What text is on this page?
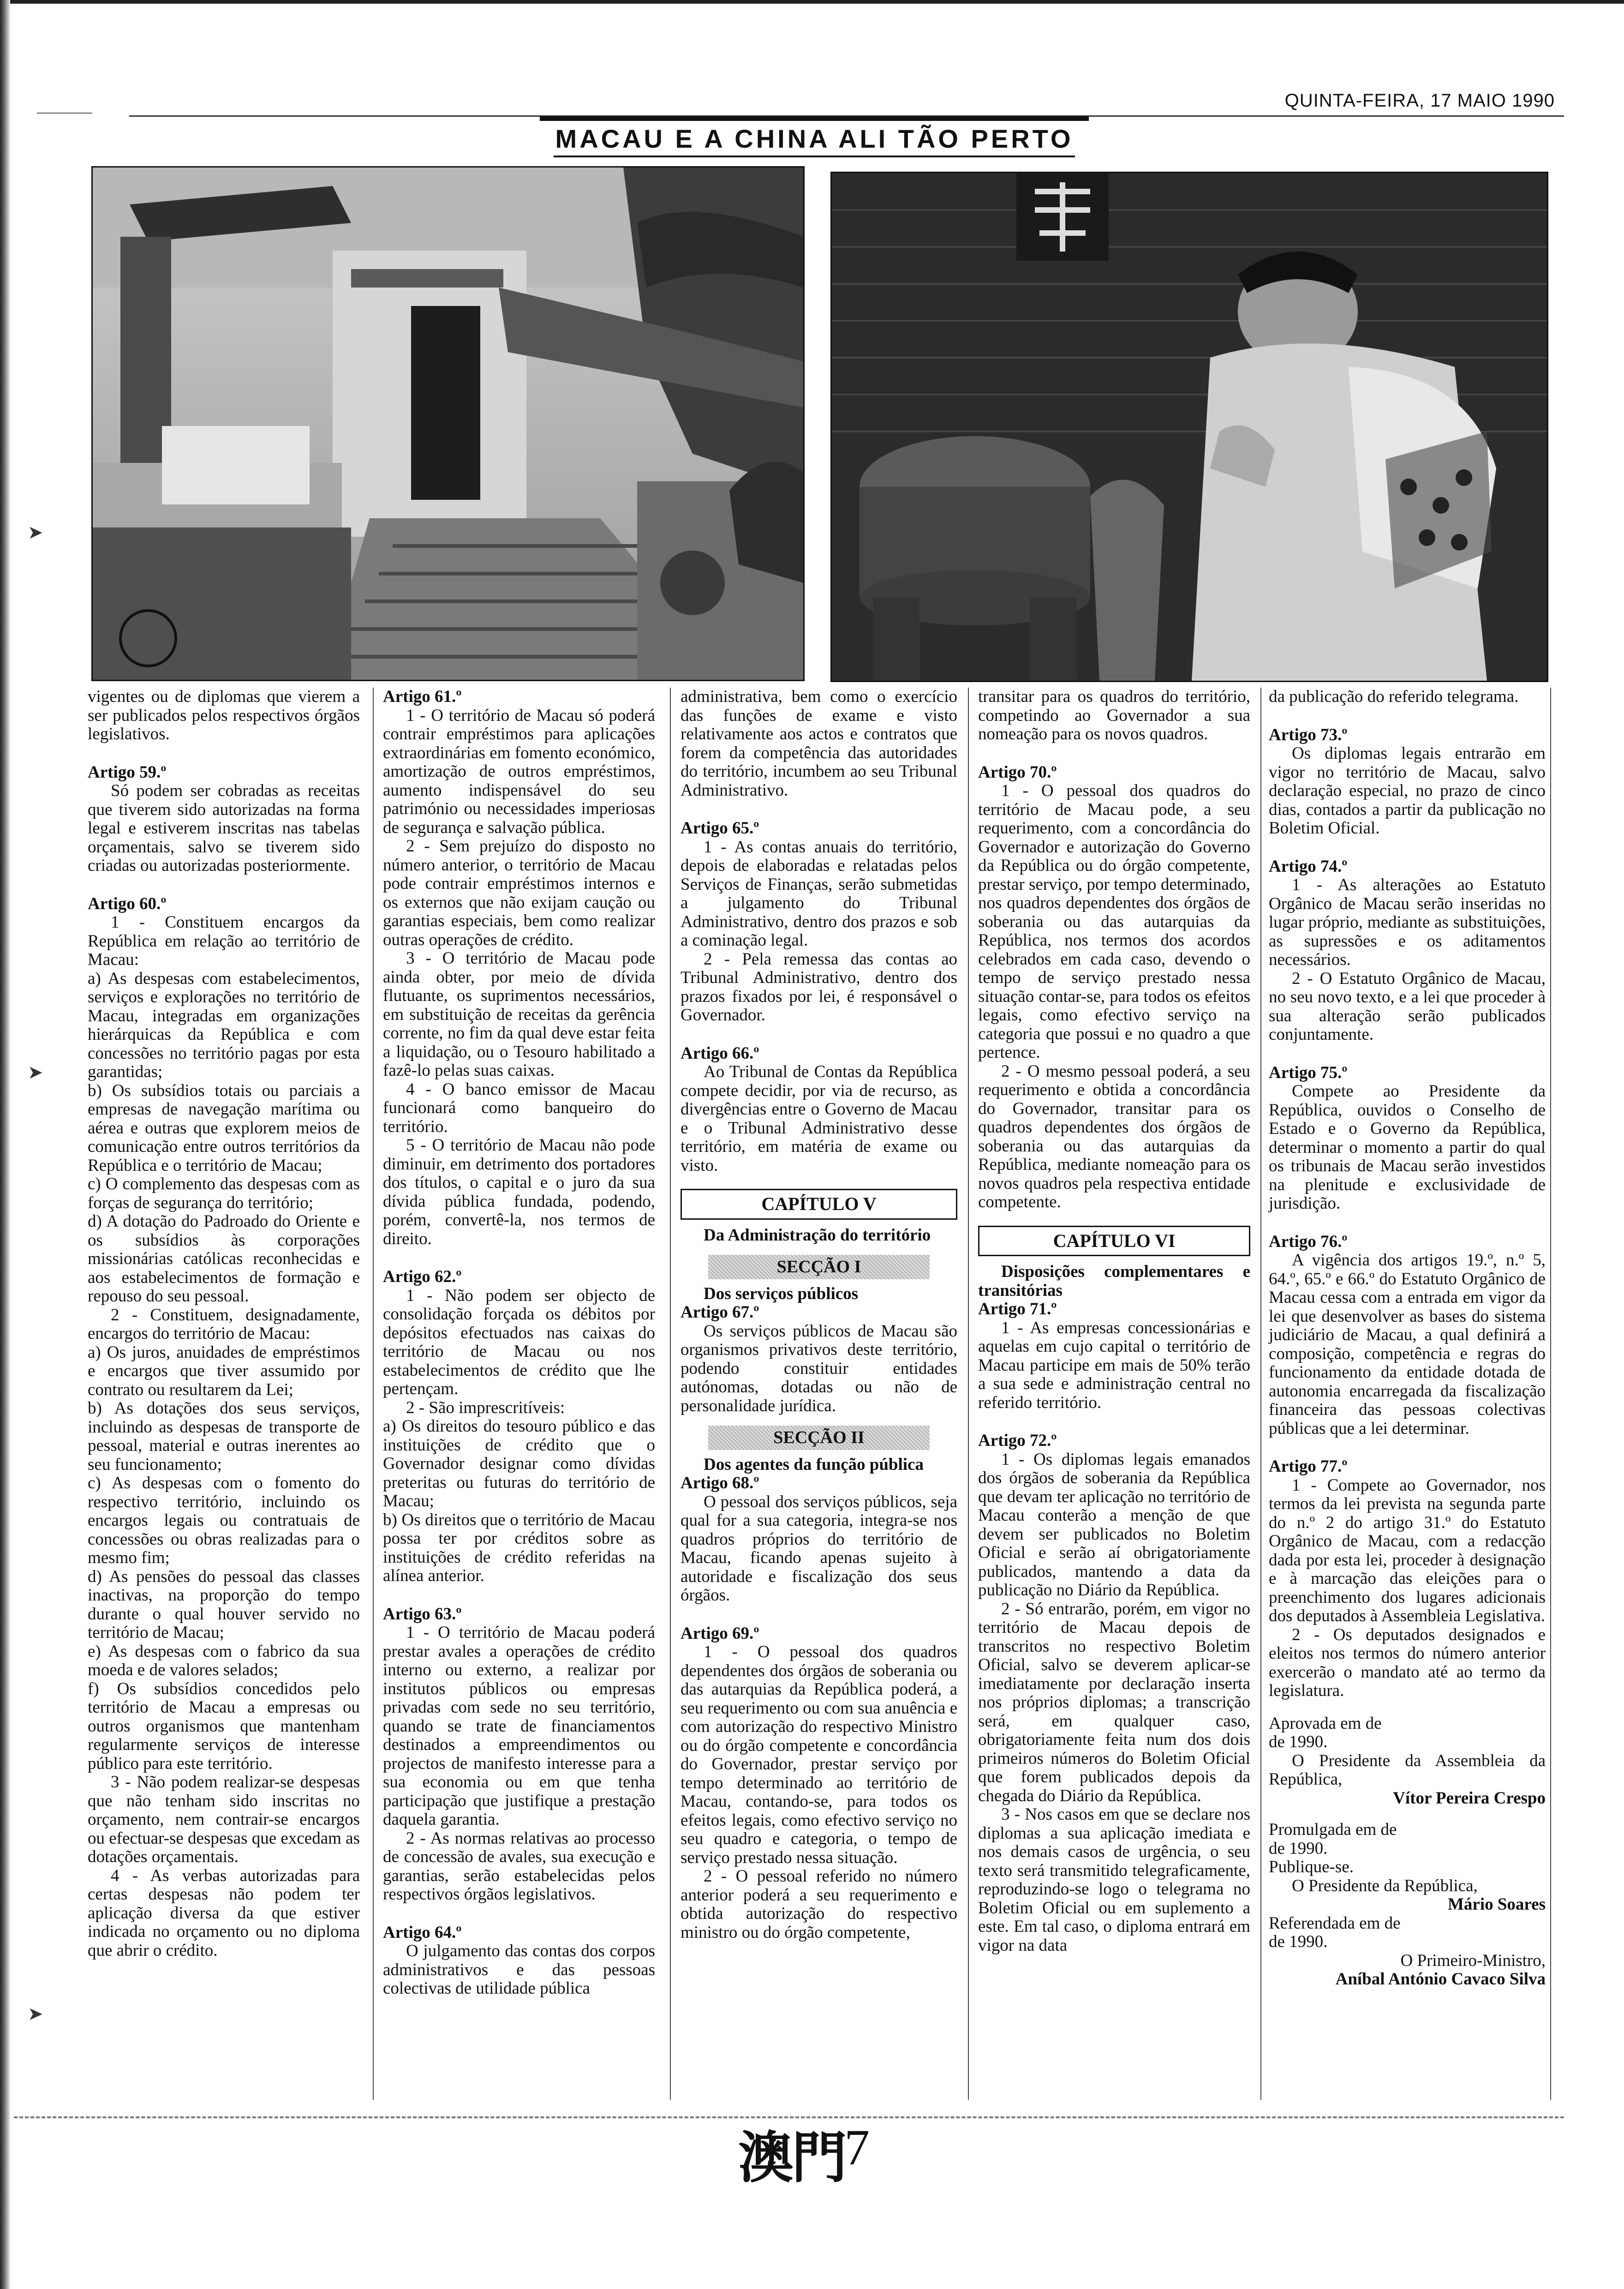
QUINTA-FEIRA, 17 MAIO 1990
MACAU E A CHINA ALI TÃO PERTO

vigentes ou de diplomas que vierem a ser publicados pelos respectivos órgãos legislativos.

Artigo 59.º

Só podem ser cobradas as receitas que tiverem sido autorizadas na forma legal e estiverem inscritas nas tabelas orçamentais, salvo se tiverem sido criadas ou autorizadas posteriormente.

Artigo 60.º

1 - Constituem encargos da República em relação ao território de Macau:

a) As despesas com estabelecimentos, serviços e explorações no território de Macau, integradas em organizações hierárquicas da República e com concessões no território pagas por esta garantidas;

b) Os subsídios totais ou parciais a empresas de navegação marítima ou aérea e outras que explorem meios de comunicação entre outros territórios da República e o território de Macau;

c) O complemento das despesas com as forças de segurança do território;

d) A dotação do Padroado do Oriente e os subsídios às corporações missionárias católicas reconhecidas e aos estabelecimentos de formação e repouso do seu pessoal.

2 - Constituem, designadamente, encargos do território de Macau:

a) Os juros, anuidades de empréstimos e encargos que tiver assumido por contrato ou resultarem da Lei;

b) As dotações dos seus serviços, incluindo as despesas de transporte de pessoal, material e outras inerentes ao seu funcionamento;

c) As despesas com o fomento do respectivo território, incluindo os encargos legais ou contratuais de concessões ou obras realizadas para o mesmo fim;

d) As pensões do pessoal das classes inactivas, na proporção do tempo durante o qual houver servido no território de Macau;

e) As despesas com o fabrico da sua moeda e de valores selados;

f) Os subsídios concedidos pelo território de Macau a empresas ou outros organismos que mantenham regularmente serviços de interesse público para este território.

3 - Não podem realizar-se despesas que não tenham sido inscritas no orçamento, nem contrair-se encargos ou efectuar-se despesas que excedam as dotações orçamentais.

4 - As verbas autorizadas para certas despesas não podem ter aplicação diversa da que estiver indicada no orçamento ou no diploma que abrir o crédito.

Artigo 61.º

1 - O território de Macau só poderá contrair empréstimos para aplicações extraordinárias em fomento económico, amortização de outros empréstimos, aumento indispensável do seu património ou necessidades imperiosas de segurança e salvação pública.

2 - Sem prejuízo do disposto no número anterior, o território de Macau pode contrair empréstimos internos e os externos que não exijam caução ou garantias especiais, bem como realizar outras operações de crédito.

3 - O território de Macau pode ainda obter, por meio de dívida flutuante, os suprimentos necessários, em substituição de receitas da gerência corrente, no fim da qual deve estar feita a liquidação, ou o Tesouro habilitado a fazê-lo pelas suas caixas.

4 - O banco emissor de Macau funcionará como banqueiro do território.

5 - O território de Macau não pode diminuir, em detrimento dos portadores dos títulos, o capital e o juro da sua dívida pública fundada, podendo, porém, convertê-la, nos termos de direito.

Artigo 62.º

1 - Não podem ser objecto de consolidação forçada os débitos por depósitos efectuados nas caixas do território de Macau ou nos estabelecimentos de crédito que lhe pertençam.

2 - São imprescritíveis:

a) Os direitos do tesouro público e das instituições de crédito que o Governador designar como dívidas preteritas ou futuras do território de Macau;

b) Os direitos que o território de Macau possa ter por créditos sobre as instituições de crédito referidas na alínea anterior.

Artigo 63.º

1 - O território de Macau poderá prestar avales a operações de crédito interno ou externo, a realizar por institutos públicos ou empresas privadas com sede no seu território, quando se trate de financiamentos destinados a empreendimentos ou projectos de manifesto interesse para a sua economia ou em que tenha participação que justifique a prestação daquela garantia.

2 - As normas relativas ao processo de concessão de avales, sua execução e garantias, serão estabelecidas pelos respectivos órgãos legislativos.

Artigo 64.º

O julgamento das contas dos corpos administrativos e das pessoas colectivas de utilidade pública

administrativa, bem como o exercício das funções de exame e visto relativamente aos actos e contratos que forem da competência das autoridades do território, incumbem ao seu Tribunal Administrativo.

Artigo 65.º

1 - As contas anuais do território, depois de elaboradas e relatadas pelos Serviços de Finanças, serão submetidas a julgamento do Tribunal Administrativo, dentro dos prazos e sob a cominação legal.

2 - Pela remessa das contas ao Tribunal Administrativo, dentro dos prazos fixados por lei, é responsável o Governador.

Artigo 66.º

Ao Tribunal de Contas da República compete decidir, por via de recurso, as divergências entre o Governo de Macau e o Tribunal Administrativo desse território, em matéria de exame ou visto.

CAPÍTULO V

Da Administração do território

SECÇÃO I

Dos serviços públicos

Artigo 67.º

Os serviços públicos de Macau são organismos privativos deste território, podendo constituir entidades autónomas, dotadas ou não de personalidade jurídica.

SECÇÃO II

Dos agentes da função pública

Artigo 68.º

O pessoal dos serviços públicos, seja qual for a sua categoria, integra-se nos quadros próprios do território de Macau, ficando apenas sujeito à autoridade e fiscalização dos seus órgãos.

Artigo 69.º

1 - O pessoal dos quadros dependentes dos órgãos de soberania ou das autarquias da República poderá, a seu requerimento ou com sua anuência e com autorização do respectivo Ministro ou do órgão competente e concordância do Governador, prestar serviço por tempo determinado ao território de Macau, contando-se, para todos os efeitos legais, como efectivo serviço no seu quadro e categoria, o tempo de serviço prestado nessa situação.

2 - O pessoal referido no número anterior poderá a seu requerimento e obtida autorização do respectivo ministro ou do órgão competente,

transitar para os quadros do território, competindo ao Governador a sua nomeação para os novos quadros.

Artigo 70.º

1 - O pessoal dos quadros do território de Macau pode, a seu requerimento, com a concordância do Governador e autorização do Governo da República ou do órgão competente, prestar serviço, por tempo determinado, nos quadros dependentes dos órgãos de soberania ou das autarquias da República, nos termos dos acordos celebrados em cada caso, devendo o tempo de serviço prestado nessa situação contar-se, para todos os efeitos legais, como efectivo serviço na categoria que possui e no quadro a que pertence.

2 - O mesmo pessoal poderá, a seu requerimento e obtida a concordância do Governador, transitar para os quadros dependentes dos órgãos de soberania ou das autarquias da República, mediante nomeação para os novos quadros pela respectiva entidade competente.

CAPÍTULO VI

Disposições complementares e transitórias

Artigo 71.º

1 - As empresas concessionárias e aquelas em cujo capital o território de Macau participe em mais de 50% terão a sua sede e administração central no referido território.

Artigo 72.º

1 - Os diplomas legais emanados dos órgãos de soberania da República que devam ter aplicação no território de Macau conterão a menção de que devem ser publicados no Boletim Oficial e serão aí obrigatoriamente publicados, mantendo a data da publicação no Diário da República.

2 - Só entrarão, porém, em vigor no território de Macau depois de transcritos no respectivo Boletim Oficial, salvo se deverem aplicar-se imediatamente por declaração inserta nos próprios diplomas; a transcrição será, em qualquer caso, obrigatoriamente feita num dos dois primeiros números do Boletim Oficial que forem publicados depois da chegada do Diário da República.

3 - Nos casos em que se declare nos diplomas a sua aplicação imediata e nos demais casos de urgência, o seu texto será transmitido telegraficamente, reproduzindo-se logo o telegrama no Boletim Oficial ou em suplemento a este. Em tal caso, o diploma entrará em vigor na data

da publicação do referido telegrama.

Artigo 73.º

Os diplomas legais entrarão em vigor no território de Macau, salvo declaração especial, no prazo de cinco dias, contados a partir da publicação no Boletim Oficial.

Artigo 74.º

1 - As alterações ao Estatuto Orgânico de Macau serão inseridas no lugar próprio, mediante as substituições, as supressões e os aditamentos necessários.

2 - O Estatuto Orgânico de Macau, no seu novo texto, e a lei que proceder à sua alteração serão publicados conjuntamente.

Artigo 75.º

Compete ao Presidente da República, ouvidos o Conselho de Estado e o Governo da República, determinar o momento a partir do qual os tribunais de Macau serão investidos na plenitude e exclusividade de jurisdição.

Artigo 76.º

A vigência dos artigos 19.º, n.º 5, 64.º, 65.º e 66.º do Estatuto Orgânico de Macau cessa com a entrada em vigor da lei que desenvolver as bases do sistema judiciário de Macau, a qual definirá a composição, competência e regras do funcionamento da entidade dotada de autonomia encarregada da fiscalização financeira das pessoas colectivas públicas que a lei determinar.

Artigo 77.º

1 - Compete ao Governador, nos termos da lei prevista na segunda parte do n.º 2 do artigo 31.º do Estatuto Orgânico de Macau, com a redacção dada por esta lei, proceder à designação e à marcação das eleições para o preenchimento dos lugares adicionais dos deputados à Assembleia Legislativa.

2 - Os deputados designados e eleitos nos termos do número anterior exercerão o mandato até ao termo da legislatura.

Aprovada em de

de 1990.

O Presidente da Assembleia da República,

Vítor Pereira Crespo

Promulgada em de

de 1990.

Publique-se.

O Presidente da República,

Mário Soares

Referendada em de

de 1990.

O Primeiro-Ministro,

Aníbal António Cavaco Silva

澳門
7
➤
➤
➤
